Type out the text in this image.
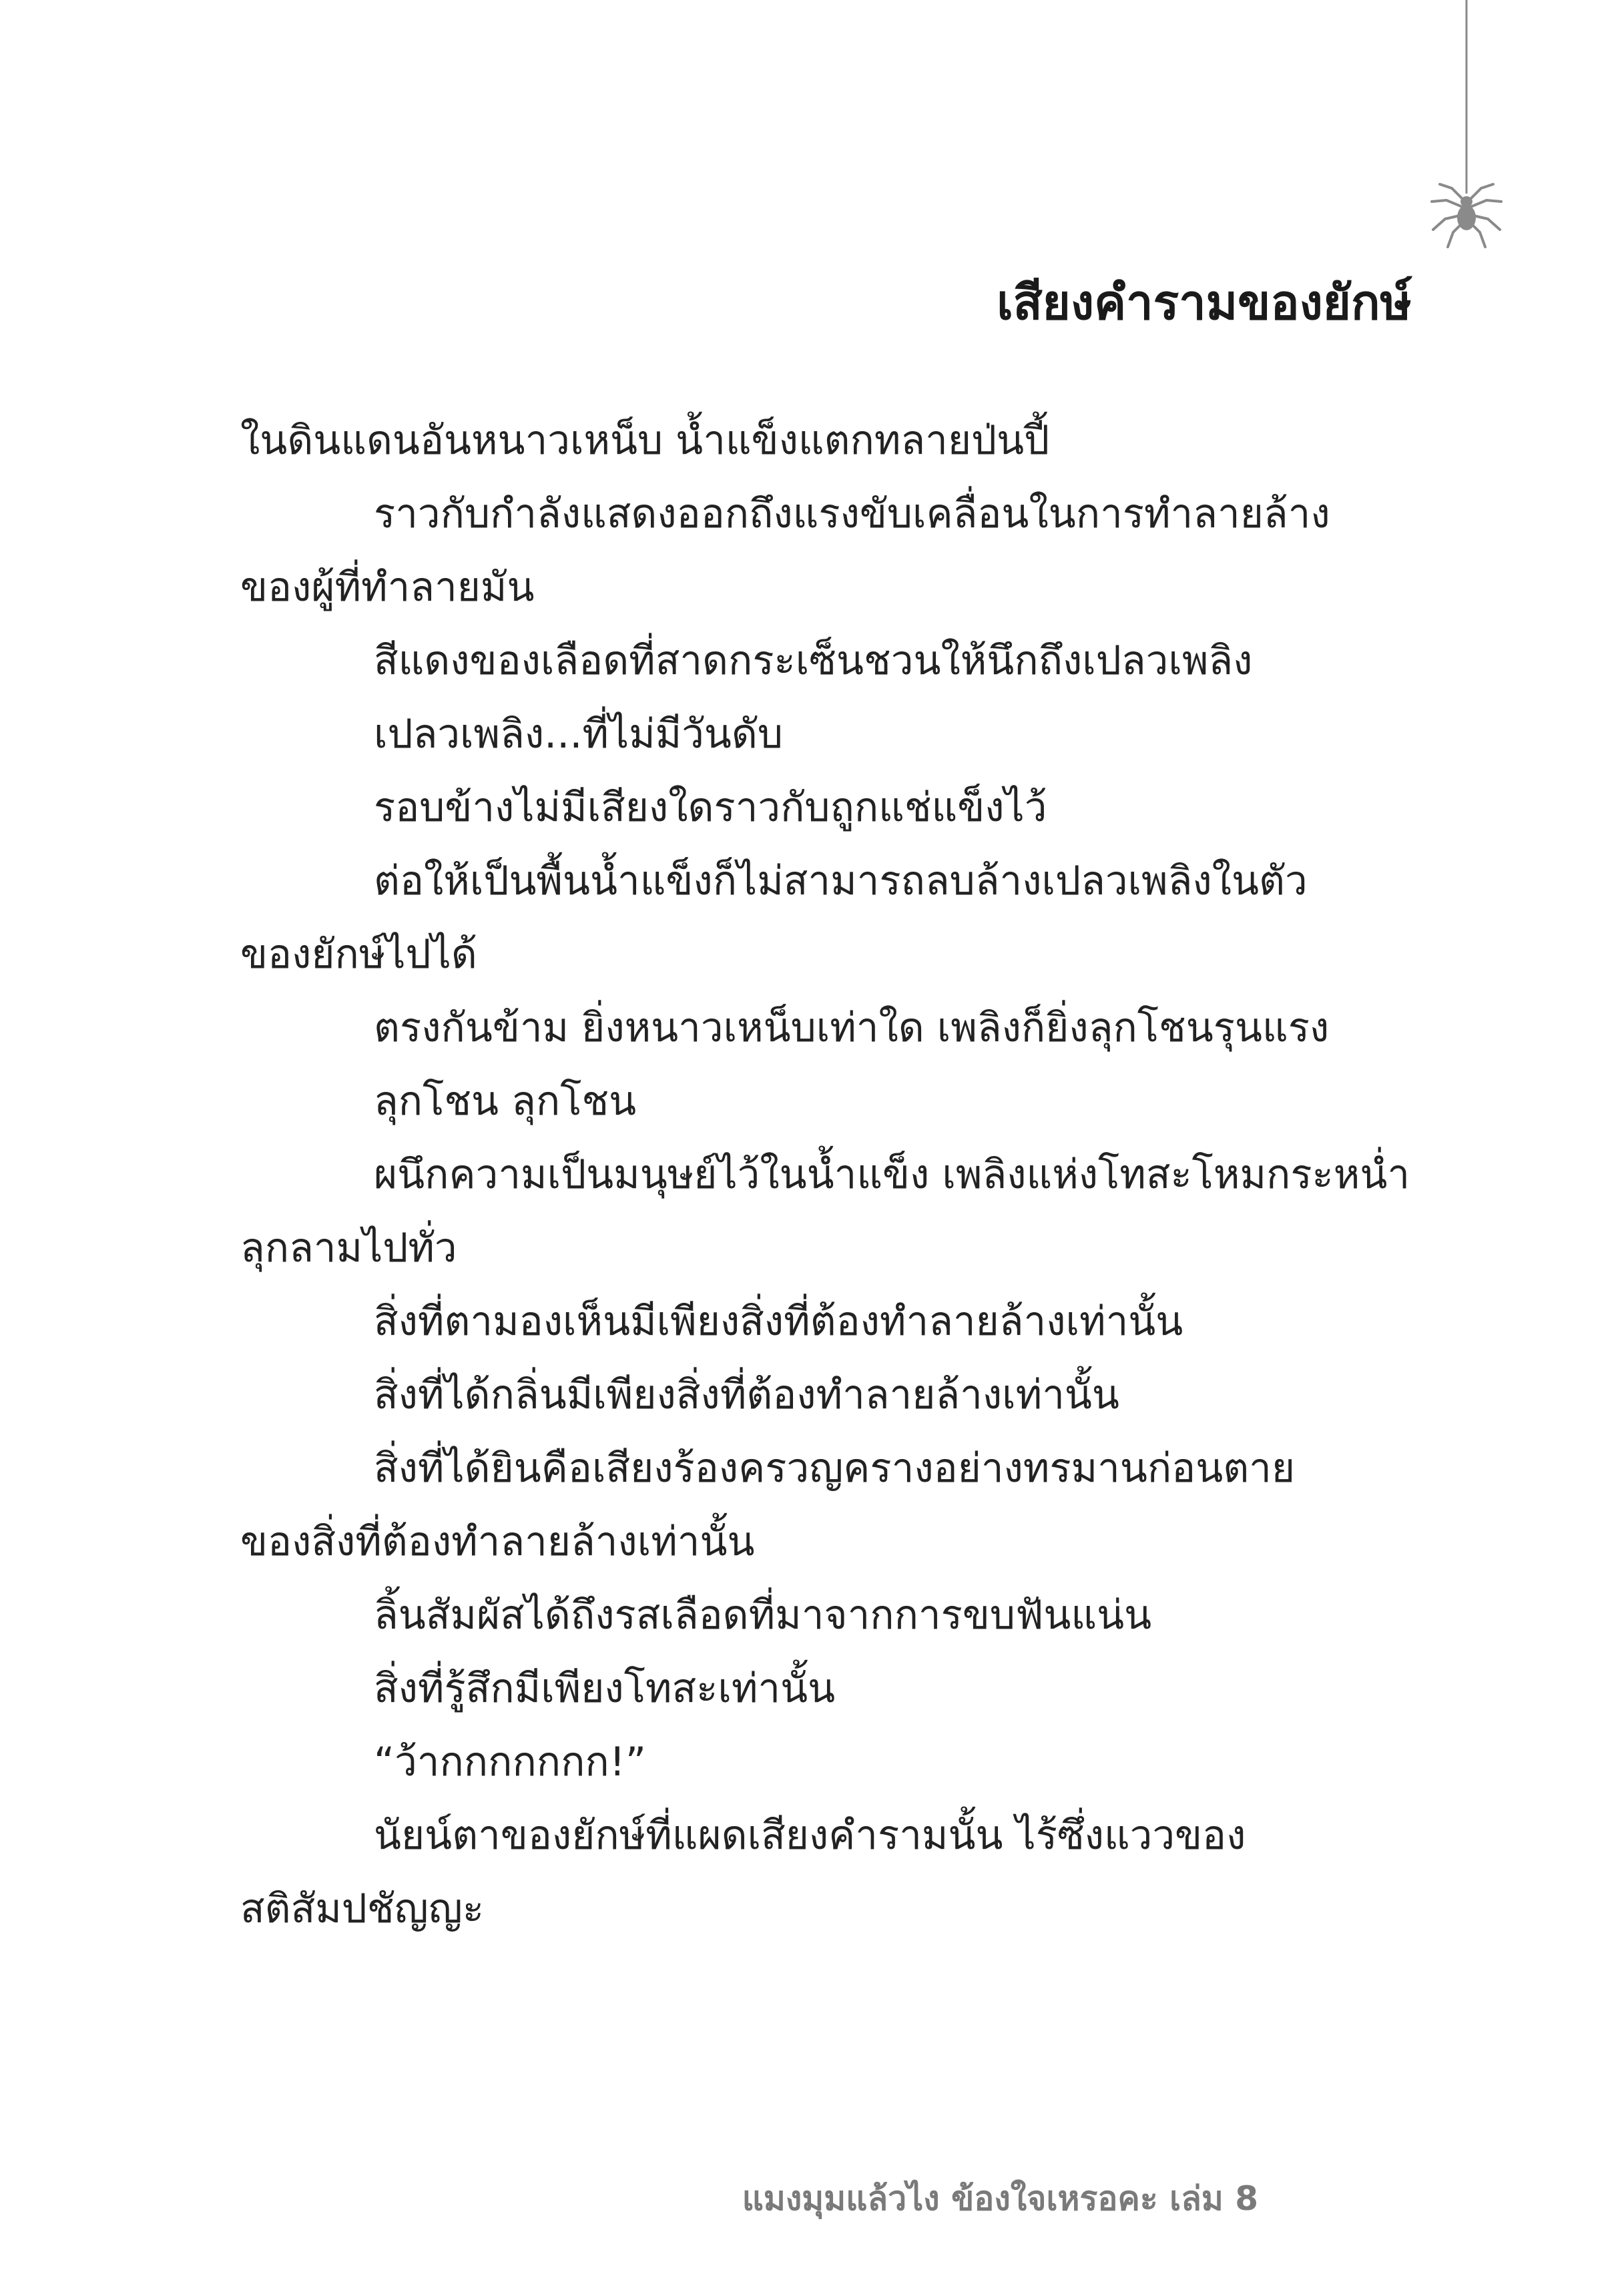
เสียงคำรามของยักษ์
ในดินแดนอันหนาวเหน็บ น้ำแข็งแตกทลายป่นปี้
ราวกับกำลังแสดงออกถึงแรงขับเคลื่อนในการทำลายล้าง
ของผู้ที่ทำลายมัน
สีแดงของเลือดที่สาดกระเซ็นชวนให้นึกถึงเปลวเพลิง
เปลวเพลิง...ที่ไม่มีวันดับ
รอบข้างไม่มีเสียงใดราวกับถูกแช่แข็งไว้
ต่อให้เป็นพื้นน้ำแข็งก็ไม่สามารถลบล้างเปลวเพลิงในตัว
ของยักษ์ไปได้
ตรงกันข้าม ยิ่งหนาวเหน็บเท่าใด เพลิงก็ยิ่งลุกโชนรุนแรง
ลุกโชน ลุกโชน
ผนึกความเป็นมนุษย์ไว้ในน้ำแข็ง เพลิงแห่งโทสะโหมกระหน่ำ
ลุกลามไปทั่ว
สิ่งที่ตามองเห็นมีเพียงสิ่งที่ต้องทำลายล้างเท่านั้น
สิ่งที่ได้กลิ่นมีเพียงสิ่งที่ต้องทำลายล้างเท่านั้น
สิ่งที่ได้ยินคือเสียงร้องครวญครางอย่างทรมานก่อนตาย
ของสิ่งที่ต้องทำลายล้างเท่านั้น
ลิ้นสัมผัสได้ถึงรสเลือดที่มาจากการขบฟันแน่น
สิ่งที่รู้สึกมีเพียงโทสะเท่านั้น
“ว้ากกกกกกก!”
นัยน์ตาของยักษ์ที่แผดเสียงคำรามนั้น ไร้ซึ่งแววของ
สติสัมปชัญญะ
แมงมุมแล้วไง ข้องใจเหรอคะ เล่ม 8
